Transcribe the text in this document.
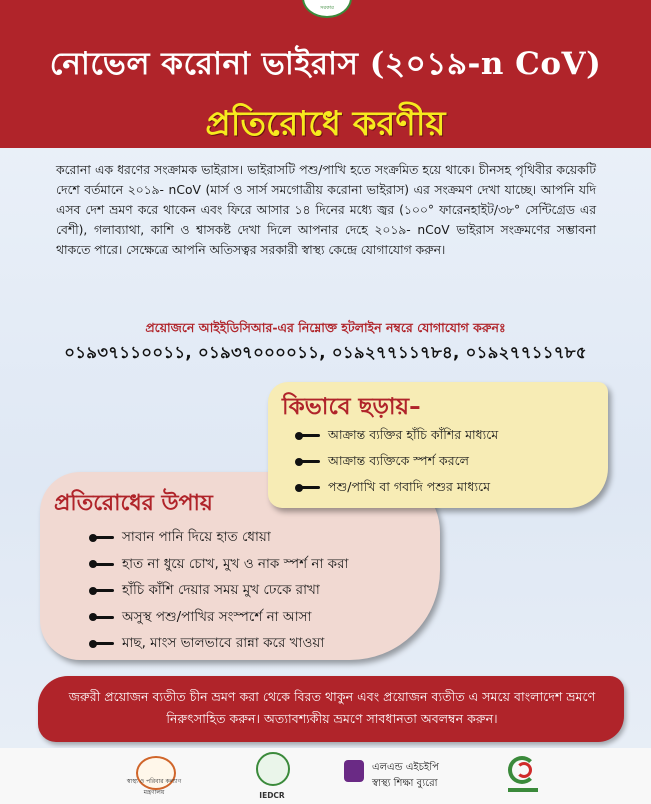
সরকার
নোভেল করোনা ভাইরাস (২০১৯-n CoV)
প্রতিরোধে করণীয়
করোনা এক ধরণের সংক্রামক ভাইরাস। ভাইরাসটি পশু/পাখি হতে সংক্রমিত হয়ে থাকে। চীনসহ পৃথিবীর কয়েকটি দেশে বর্তমানে ২০১৯- nCoV (মার্স ও সার্স সমগোত্রীয় করোনা ভাইরাস) এর সংক্রমণ দেখা যাচ্ছে। আপনি যদি এসব দেশ ভ্রমণ করে থাকেন এবং ফিরে আসার ১৪ দিনের মধ্যে জ্বর (১০০° ফারেনহাইট/৩৮° সেন্টিগ্রেড এর বেশী), গলাব্যাথা, কাশি ও শ্বাসকষ্ট দেখা দিলে আপনার দেহে ২০১৯- nCoV ভাইরাস সংক্রমণের সম্ভাবনা থাকতে পারে। সেক্ষেত্রে আপনি অতিসত্বর সরকারী স্বাস্থ্য কেন্দ্রে যোগাযোগ করুন।
প্রয়োজনে আইইডিসিআর-এর নিম্নোক্ত হটলাইন নম্বরে যোগাযোগ করুনঃ
০১৯৩৭১১০০১১, ০১৯৩৭০০০০১১, ০১৯২৭৭১১৭৮৪, ০১৯২৭৭১১৭৮৫
প্রতিরোধের উপায়
সাবান পানি দিয়ে হাত ধোয়া
হাত না ধুয়ে চোখ, মুখ ও নাক স্পর্শ না করা
হাঁচি কাঁশি দেয়ার সময় মুখ ঢেকে রাখা
অসুস্থ পশু/পাখির সংস্পর্শে না আসা
মাছ, মাংস ভালভাবে রান্না করে খাওয়া
কিভাবে ছড়ায়–
আক্রান্ত ব্যক্তির হাঁচি কাঁশির মাধ্যমে
আক্রান্ত ব্যক্তিকে স্পর্শ করলে
পশু/পাখি বা গবাদি পশুর মাধ্যমে

জরুরী প্রয়োজন ব্যতীত চীন ভ্রমণ করা থেকে বিরত থাকুন এবং প্রয়োজন ব্যতীত এ সময়ে বাংলাদেশ ভ্রমণে নিরুৎসাহিত করুন। অত্যাবশ্যকীয় ভ্রমণে সাবধানতা অবলম্বন করুন।

স্বাস্থ্য ও পরিবার কল্যাণ মন্ত্রণালয়	IEDCR
এলএন্ড এইচইপি
স্বাস্থ্য শিক্ষা ব্যুরো
